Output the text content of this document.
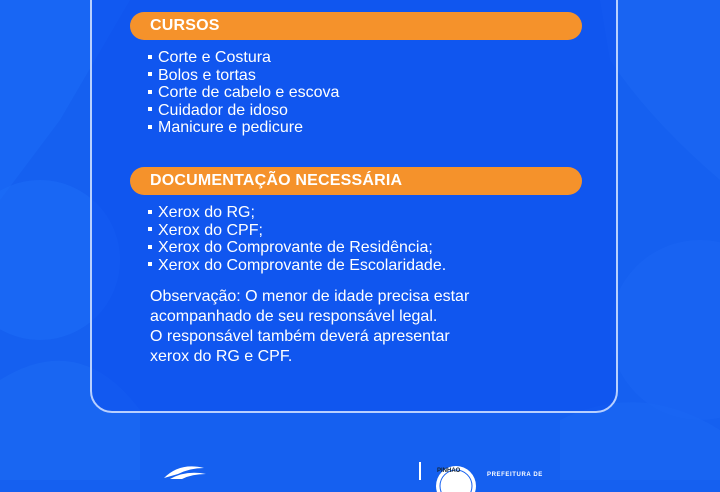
CURSOS
Corte e Costura
Bolos e tortas
Corte de cabelo e escova
Cuidador de idoso
Manicure e pedicure
DOCUMENTAÇÃO NECESSÁRIA
Xerox do RG;
Xerox do CPF;
Xerox do Comprovante de Residência;
Xerox do Comprovante de Escolaridade.

Observação: O menor de idade precisa estar
acompanhado de seu responsável legal.
O responsável também deverá apresentar
xerox do RG e CPF.

PINHAO
PREFEITURA DE
